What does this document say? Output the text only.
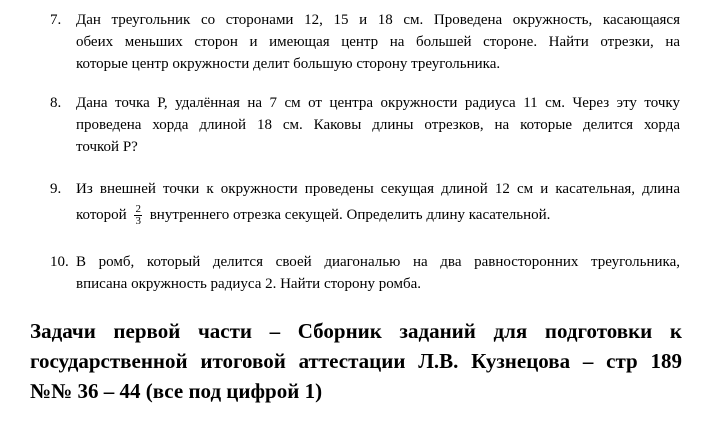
7. Дан треугольник со сторонами 12, 15 и 18 см. Проведена окружность, касающаяся
обеих меньших сторон и имеющая центр на большей стороне. Найти отрезки, на
которые центр окружности делит большую сторону треугольника.
8. Дана точка P, удалённая на 7 см от центра окружности радиуса 11 см. Через эту точку
проведена хорда длиной 18 см. Каковы длины отрезков, на которые делится хорда
точкой P?
9. Из внешней точки к окружности проведены секущая длиной 12 см и касательная, длина
которой $\frac{2}{3}$ внутреннего отрезка секущей. Определить длину касательной.
10. В ромб, который делится своей диагональю на два равносторонних треугольника,
вписана окружность радиуса 2. Найти сторону ромба.
Задачи первой части – Сборник заданий для подготовки к
государственной итоговой аттестации Л.В. Кузнецова – стр 189
№№ 36 – 44 (все под цифрой 1)
